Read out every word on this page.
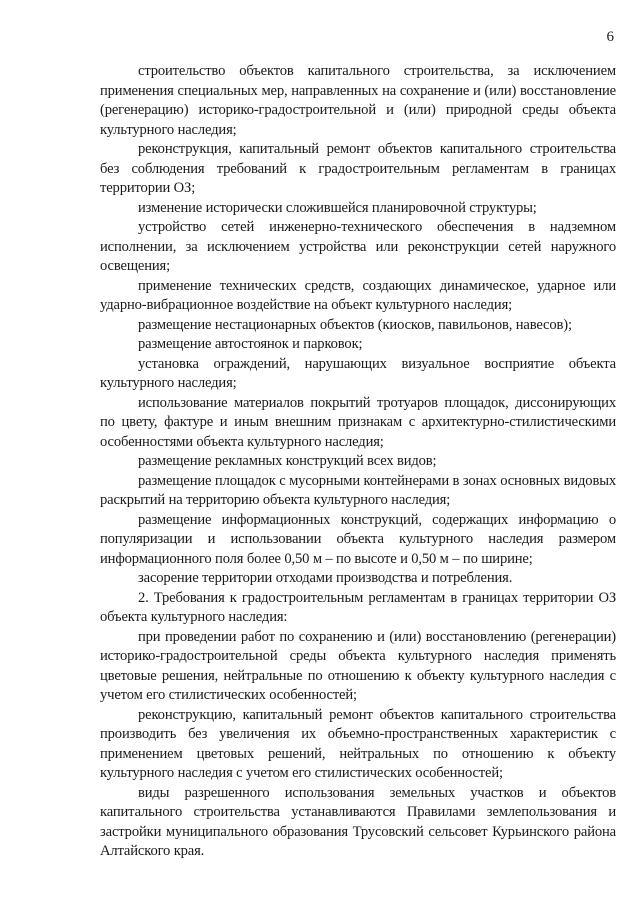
6

строительство объектов капитального строительства, за исключением применения специальных мер, направленных на сохранение и (или) восстановление (регенерацию) историко-градостроительной и (или) природной среды объекта культурного наследия;

реконструкция, капитальный ремонт объектов капитального строительства без соблюдения требований к градостроительным регламентам в границах территории ОЗ;

изменение исторически сложившейся планировочной структуры;

устройство сетей инженерно-технического обеспечения в надземном исполнении, за исключением устройства или реконструкции сетей наружного освещения;

применение технических средств, создающих динамическое, ударное или ударно-вибрационное воздействие на объект культурного наследия;

размещение нестационарных объектов (киосков, павильонов, навесов);

размещение автостоянок и парковок;

установка ограждений, нарушающих визуальное восприятие объекта культурного наследия;

использование материалов покрытий тротуаров площадок, диссонирующих по цвету, фактуре и иным внешним признакам с архитектурно-стилистическими особенностями объекта культурного наследия;

размещение рекламных конструкций всех видов;

размещение площадок с мусорными контейнерами в зонах основных видовых раскрытий на территорию объекта культурного наследия;

размещение информационных конструкций, содержащих информацию о популяризации и использовании объекта культурного наследия размером информационного поля более 0,50 м – по высоте и 0,50 м – по ширине;

засорение территории отходами производства и потребления.

2. Требования к градостроительным регламентам в границах территории ОЗ объекта культурного наследия:

при проведении работ по сохранению и (или) восстановлению (регенерации) историко-градостроительной среды объекта культурного наследия применять цветовые решения, нейтральные по отношению к объекту культурного наследия с учетом его стилистических особенностей;

реконструкцию, капитальный ремонт объектов капитального строительства производить без увеличения их объемно-пространственных характеристик с применением цветовых решений, нейтральных по отношению к объекту культурного наследия с учетом его стилистических особенностей;

виды разрешенного использования земельных участков и объектов капитального строительства устанавливаются Правилами землепользования и застройки муниципального образования Трусовский сельсовет Курьинского района Алтайского края.
